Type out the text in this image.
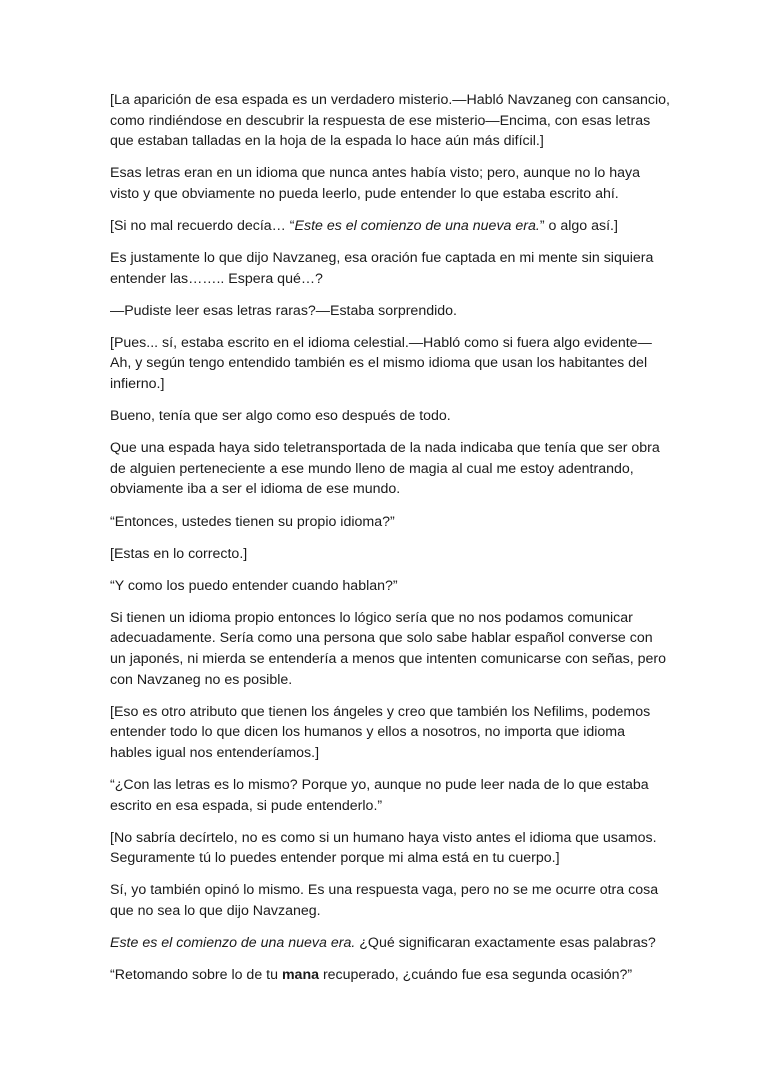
[La aparición de esa espada es un verdadero misterio.—Habló Navzaneg con cansancio, como rindiéndose en descubrir la respuesta de ese misterio—Encima, con esas letras que estaban talladas en la hoja de la espada lo hace aún más difícil.]

Esas letras eran en un idioma que nunca antes había visto; pero, aunque no lo haya visto y que obviamente no pueda leerlo, pude entender lo que estaba escrito ahí.

[Si no mal recuerdo decía… “Este es el comienzo de una nueva era.” o algo así.]

Es justamente lo que dijo Navzaneg, esa oración fue captada en mi mente sin siquiera entender las…….. Espera qué…?

—Pudiste leer esas letras raras?—Estaba sorprendido.

[Pues... sí, estaba escrito en el idioma celestial.—Habló como si fuera algo evidente—Ah, y según tengo entendido también es el mismo idioma que usan los habitantes del infierno.]

Bueno, tenía que ser algo como eso después de todo.

Que una espada haya sido teletransportada de la nada indicaba que tenía que ser obra de alguien perteneciente a ese mundo lleno de magia al cual me estoy adentrando, obviamente iba a ser el idioma de ese mundo.

“Entonces, ustedes tienen su propio idioma?”

[Estas en lo correcto.]

“Y como los puedo entender cuando hablan?”

Si tienen un idioma propio entonces lo lógico sería que no nos podamos comunicar adecuadamente. Sería como una persona que solo sabe hablar español converse con un japonés, ni mierda se entendería a menos que intenten comunicarse con señas, pero con Navzaneg no es posible.

[Eso es otro atributo que tienen los ángeles y creo que también los Nefilims, podemos entender todo lo que dicen los humanos y ellos a nosotros, no importa que idioma hables igual nos entenderíamos.]

“¿Con las letras es lo mismo? Porque yo, aunque no pude leer nada de lo que estaba escrito en esa espada, si pude entenderlo.”

[No sabría decírtelo, no es como si un humano haya visto antes el idioma que usamos. Seguramente tú lo puedes entender porque mi alma está en tu cuerpo.]

Sí, yo también opinó lo mismo. Es una respuesta vaga, pero no se me ocurre otra cosa que no sea lo que dijo Navzaneg.

Este es el comienzo de una nueva era. ¿Qué significaran exactamente esas palabras?

“Retomando sobre lo de tu mana recuperado, ¿cuándo fue esa segunda ocasión?”
